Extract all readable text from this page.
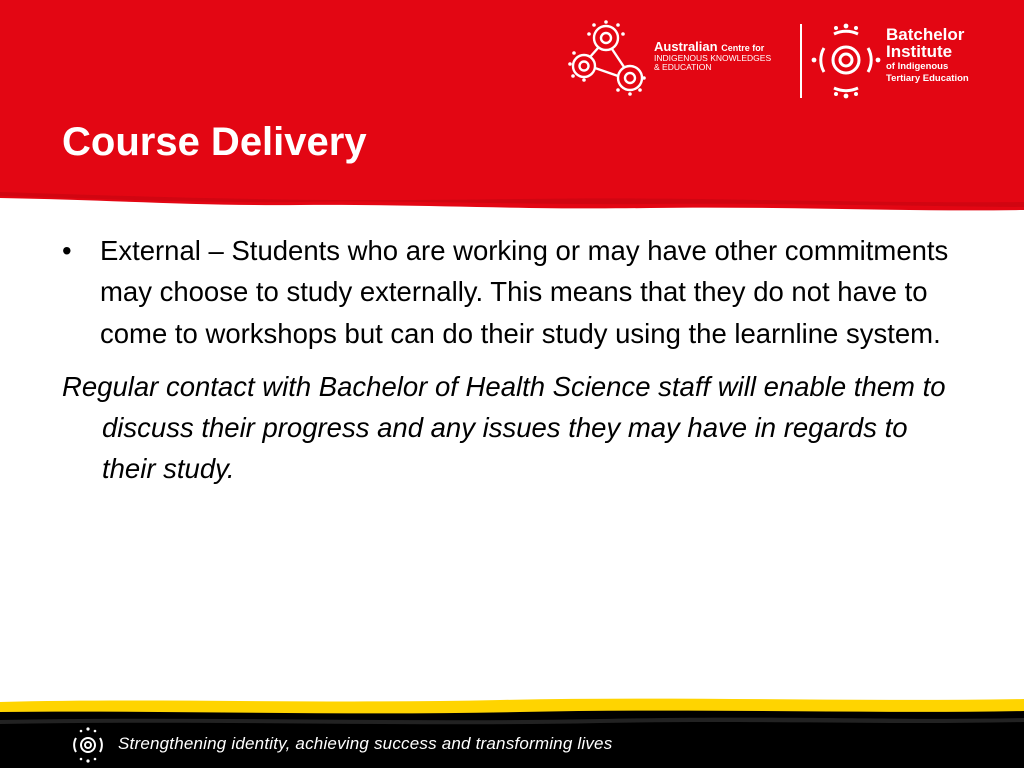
Course Delivery
Australian Centre for
INDIGENOUS KNOWLEDGES
& EDUCATION
Batchelor
Institute
of Indigenous
Tertiary Education

• External – Students who are working or may have other commitments may choose to study externally. This means that they do not have to come to workshops but can do their study using the learnline system.

Regular contact with Bachelor of Health Science staff will enable them to discuss their progress and any issues they may have in regards to their study.

Strengthening identity, achieving success and transforming lives
